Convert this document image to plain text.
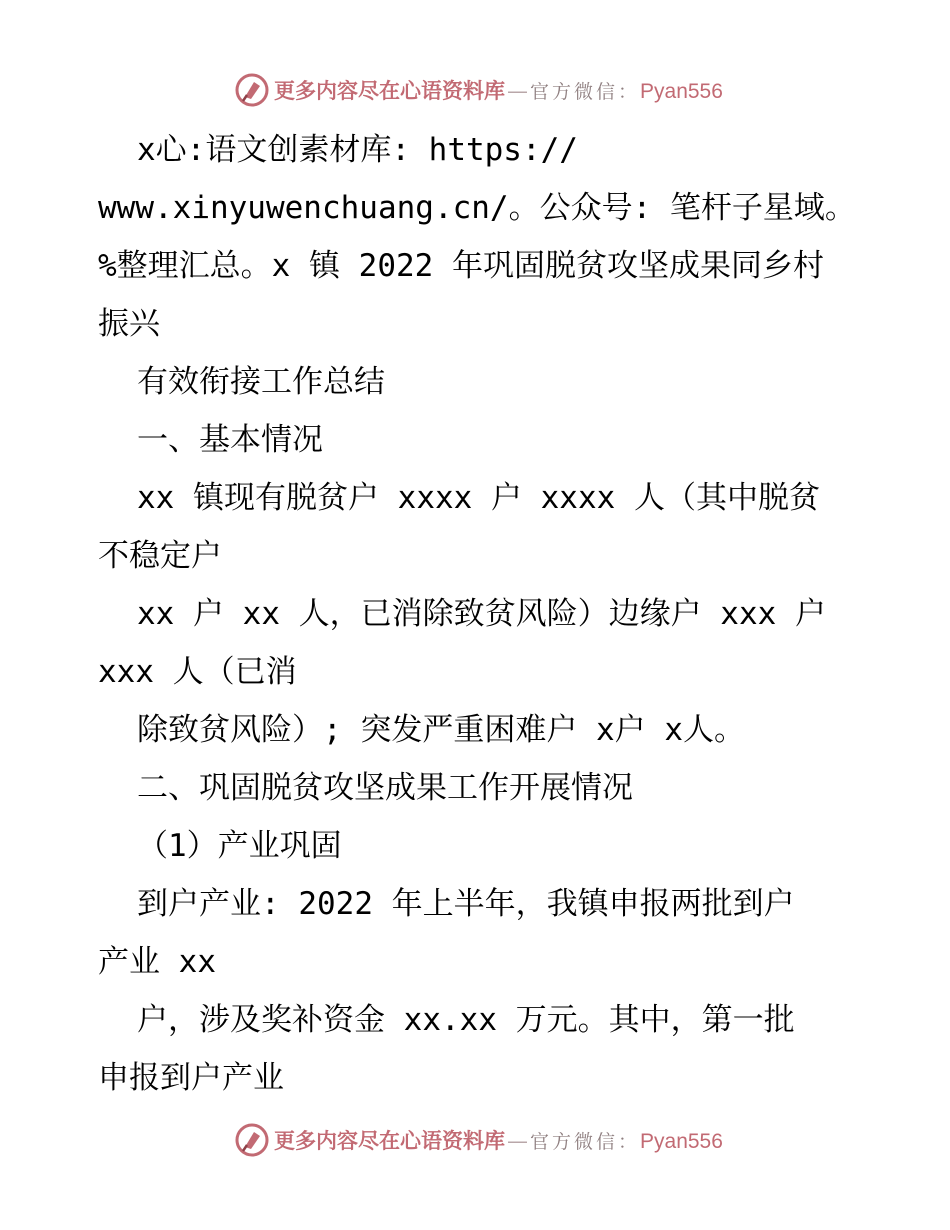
更多内容尽在心语资料库 — 官方微信： Pyan556
x心:语文创素材库: https://
www.xinyuwenchuang.cn/。公众号: 笔杆子星域。
%整理汇总。x 镇 2022 年巩固脱贫攻坚成果同乡村
振兴
有效衔接工作总结
一、基本情况
xx 镇现有脱贫户 xxxx 户 xxxx 人（其中脱贫
不稳定户
xx 户 xx 人，已消除致贫风险）边缘户 xxx 户
xxx 人（已消
除致贫风险）; 突发严重困难户 x户 x人。
二、巩固脱贫攻坚成果工作开展情况
（1）产业巩固
到户产业: 2022 年上半年，我镇申报两批到户
产业 xx
户，涉及奖补资金 xx.xx 万元。其中，第一批
申报到户产业
更多内容尽在心语资料库 — 官方微信： Pyan556
